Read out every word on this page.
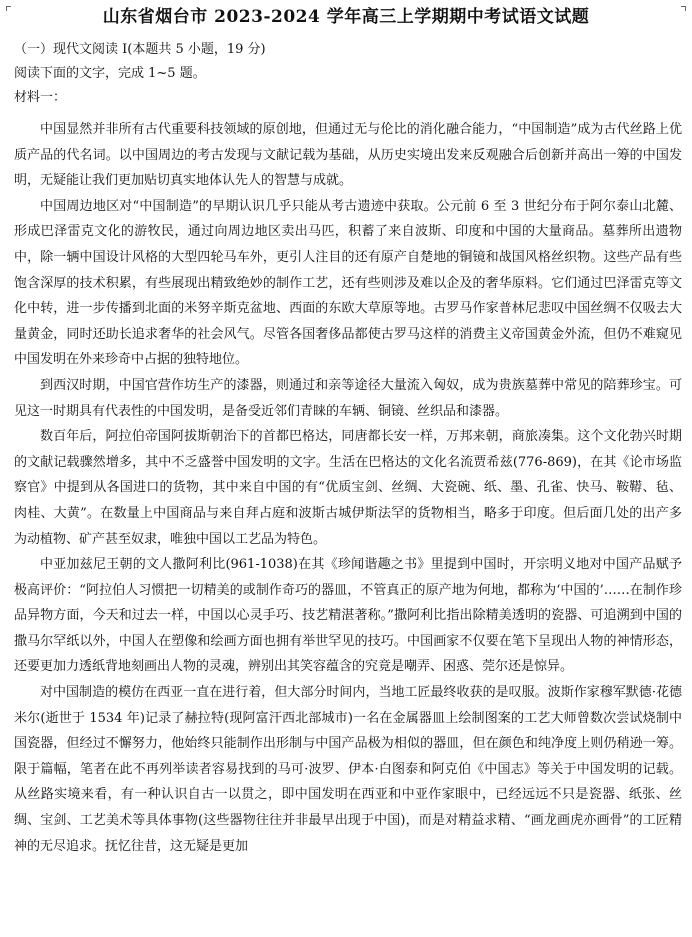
山东省烟台市 2023-2024 学年高三上学期期中考试语文试题
（一）现代文阅读 I(本题共 5 小题，19 分)
阅读下面的文字，完成 1~5 题。
材料一：

中国显然并非所有古代重要科技领域的原创地，但通过无与伦比的消化融合能力，“中国制造”成为古代丝路上优质产品的代名词。以中国周边的考古发现与文献记载为基础，从历史实境出发来反观融合后创新并高出一筹的中国发明，无疑能让我们更加贴切真实地体认先人的智慧与成就。

中国周边地区对“中国制造”的早期认识几乎只能从考古遗迹中获取。公元前 6 至 3 世纪分布于阿尔泰山北麓、形成巴泽雷克文化的游牧民，通过向周边地区卖出马匹，积蓄了来自波斯、印度和中国的大量商品。墓葬所出遗物中，除一辆中国设计风格的大型四轮马车外，更引人注目的还有原产自楚地的铜镜和战国风格丝织物。这些产品有些饱含深厚的技术积累，有些展现出精致绝妙的制作工艺，还有些则涉及难以企及的奢华原料。它们通过巴泽雷克等文化中转，进一步传播到北面的米努辛斯克盆地、西面的东欧大草原等地。古罗马作家普林尼悲叹中国丝绸不仅吸去大量黄金，同时还助长追求奢华的社会风气。尽管各国奢侈品都使古罗马这样的消费主义帝国黄金外流，但仍不难窥见中国发明在外来珍奇中占据的独特地位。

到西汉时期，中国官营作坊生产的漆器，则通过和亲等途径大量流入匈奴，成为贵族墓葬中常见的陪葬珍宝。可见这一时期具有代表性的中国发明，是备受近邻们青睐的车辆、铜镜、丝织品和漆器。

数百年后，阿拉伯帝国阿拔斯朝治下的首都巴格达，同唐都长安一样，万邦来朝，商旅凑集。这个文化勃兴时期的文献记载骤然增多，其中不乏盛誉中国发明的文字。生活在巴格达的文化名流贾希兹(776-869)，在其《论市场监察官》中提到从各国进口的货物，其中来自中国的有“优质宝剑、丝绸、大瓷碗、纸、墨、孔雀、快马、鞍鞯、毡、肉桂、大黄”。在数量上中国商品与来自拜占庭和波斯古城伊斯法罕的货物相当，略多于印度。但后面几处的出产多为动植物、矿产甚至奴隶，唯独中国以工艺品为特色。

中亚加兹尼王朝的文人撒阿利比(961-1038)在其《珍闻谐趣之书》里提到中国时，开宗明义地对中国产品赋予极高评价：“阿拉伯人习惯把一切精美的或制作奇巧的器皿，不管真正的原产地为何地，都称为‘中国的’……在制作珍品异物方面，今天和过去一样，中国以心灵手巧、技艺精湛著称。”撒阿利比指出除精美透明的瓷器、可追溯到中国的撒马尔罕纸以外，中国人在塑像和绘画方面也拥有举世罕见的技巧。中国画家不仅要在笔下呈现出人物的神情形态，还要更加力透纸背地刻画出人物的灵魂，辨别出其笑容蕴含的究竟是嘲弄、困惑、莞尔还是惊异。

对中国制造的模仿在西亚一直在进行着，但大部分时间内，当地工匠最终收获的是叹服。波斯作家穆军默德·花德米尔(逝世于 1534 年)记录了赫拉特(现阿富汗西北部城市)一名在金属器皿上绘制图案的工艺大师曾数次尝试烧制中国瓷器，但经过不懈努力，他始终只能制作出形制与中国产品极为相似的器皿，但在颜色和纯净度上则仍稍逊一筹。限于篇幅，笔者在此不再列举读者容易找到的马可·波罗、伊本·白图泰和阿克伯《中国志》等关于中国发明的记载。从丝路实境来看，有一种认识自古一以贯之，即中国发明在西亚和中亚作家眼中，已经远远不只是瓷器、纸张、丝绸、宝剑、工艺美术等具体事物(这些器物往往并非最早出现于中国)，而是对精益求精、“画龙画虎亦画骨”的工匠精神的无尽追求。抚忆往昔，这无疑是更加
